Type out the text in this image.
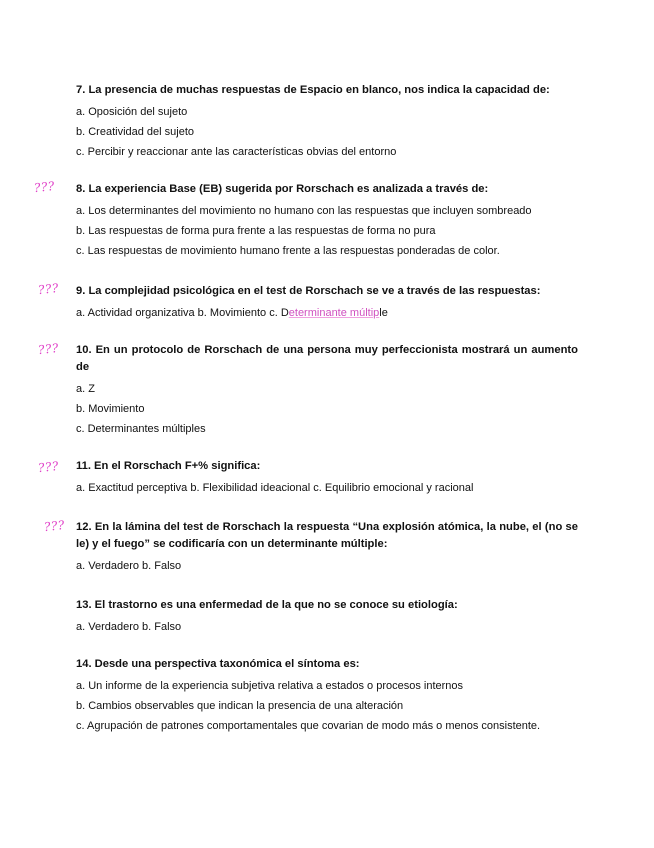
7. La presencia de muchas respuestas de Espacio en blanco, nos indica la capacidad de:

a. Oposición del sujeto

b. Creatividad del sujeto

c. Percibir y reaccionar ante las características obvias del entorno

??? 8. La experiencia Base (EB) sugerida por Rorschach es analizada a través de:

a. Los determinantes del movimiento no humano con las respuestas que incluyen sombreado

b. Las respuestas de forma pura frente a las respuestas de forma no pura

c. Las respuestas de movimiento humano frente a las respuestas ponderadas de color.

??? 9. La complejidad psicológica en el test de Rorschach se ve a través de las respuestas:

a. Actividad organizativa b. Movimiento c. Determinante múltiple

??? 10. En un protocolo de Rorschach de una persona muy perfeccionista mostrará un aumento de

a. Z

b. Movimiento

c. Determinantes múltiples

??? 11. En el Rorschach F+% significa:

a. Exactitud perceptiva b. Flexibilidad ideacional c. Equilibrio emocional y racional

??? 12. En la lámina del test de Rorschach la respuesta “Una explosión atómica, la nube, el (no se le) y el fuego” se codificaría con un determinante múltiple:

a. Verdadero b. Falso

13. El trastorno es una enfermedad de la que no se conoce su etiología:

a. Verdadero b. Falso

14. Desde una perspectiva taxonómica el síntoma es:

a. Un informe de la experiencia subjetiva relativa a estados o procesos internos

b. Cambios observables que indican la presencia de una alteración

c. Agrupación de patrones comportamentales que covarian de modo más o menos consistente.
